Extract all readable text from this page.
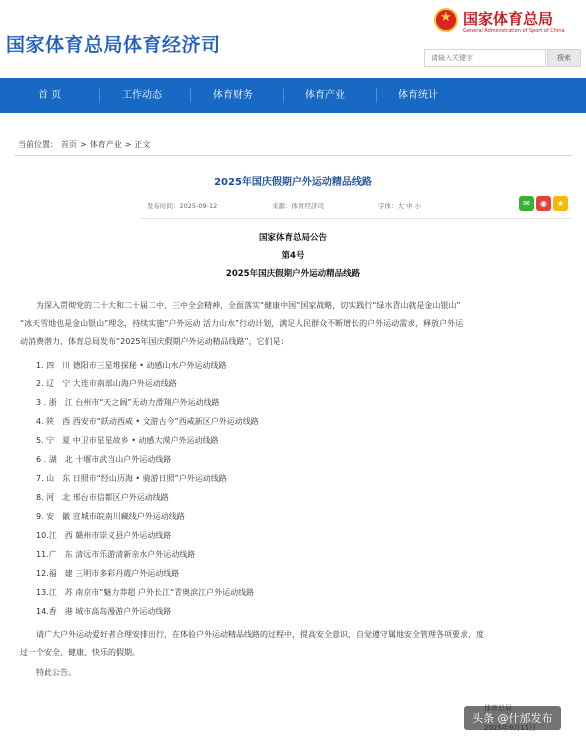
国家体育总局体育经济司
★
国家体育总局
General Administration of Sport of China
请输入关键字
搜索
首 页	工作动态	体育财务	体育产业	体育统计
当前位置： 首页 > 体育产业 > 正文
2025年国庆假期户外运动精品线路
发布时间：2025-09-12	来源：体育经济司	字体：大 中 小	✉	◉	★
国家体育总局公告
第4号
2025年国庆假期户外运动精品线路
为深入贯彻党的二十大和二十届二中、三中全会精神，全面落实“健康中国”国家战略，切实践行“绿水青山就是金山银山”
“冰天雪地也是金山银山”理念，持续实施“户外运动 活力山水”行动计划，满足人民群众不断增长的户外运动需求，释放户外运
动消费潜力，体育总局发布“2025年国庆假期户外运动精品线路”，它们是：
1. 四　川 德阳市三星堆探秘 • 动感山水户外运动线路
2. 辽　宁 大连市南部山海户外运动线路
3 . 浙　江 台州市“天之阔”无动力滑翔户外运动线路
4. 陕　西 西安市“跃动西咸 • 文游古今”西咸新区户外运动线路
5. 宁　夏 中卫市星星故乡 • 动感大漠户外运动线路
6 . 湖　北 十堰市武当山户外运动线路
7. 山　东 日照市“经山历海 • 骑游日照”户外运动线路
8. 河　北 邢台市信都区户外运动线路
9. 安　徽 宣城市皖南川藏线户外运动线路
10.江　西 赣州市崇义县户外运动线路
11.广　东 清远市乐游清新亲水户外运动线路
12.福　建 三明市多彩丹霞户外运动线路
13.江　苏 南京市“魅力莽超 户外长江”青奥滨江户外运动线路
14.香　港 城市高岛漫游户外运动线路
请广大户外运动爱好者合理安排出行，在体验户外运动精品线路的过程中，提高安全意识，自觉遵守属地安全管理各项要求，度
过一个安全、健康、快乐的假期。
特此公告。
头条 @什邡发布
